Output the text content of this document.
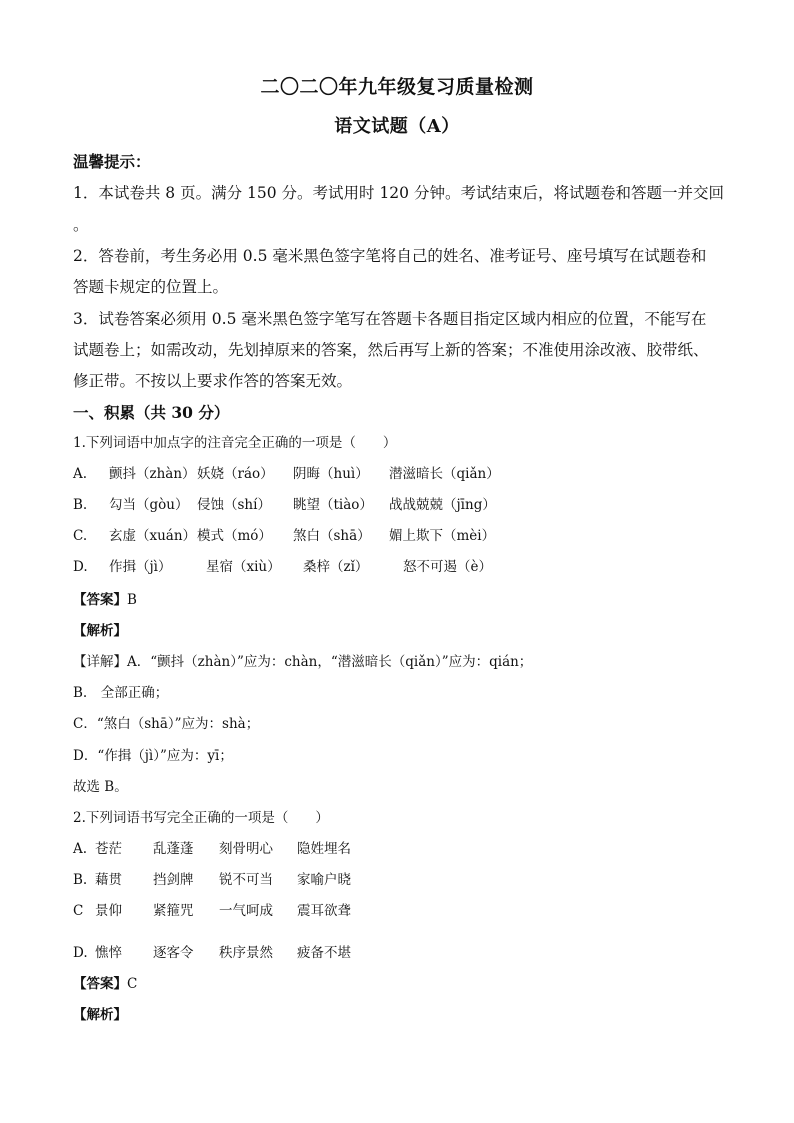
二〇二〇年九年级复习质量检测
语文试题（A）
温馨提示：
1．本试卷共 8 页。满分 150 分。考试用时 120 分钟。考试结束后，将试题卷和答题一并交回
。
2．答卷前，考生务必用 0.5 毫米黑色签字笔将自己的姓名、准考证号、座号填写在试题卷和
答题卡规定的位置上。
3．试卷答案必须用 0.5 毫米黑色签字笔写在答题卡各题目指定区域内相应的位置，不能写在
试题卷上；如需改动，先划掉原来的答案，然后再写上新的答案；不准使用涂改液、胶带纸、
修正带。不按以上要求作答的答案无效。
一、积累（共 30 分）
1.下列词语中加点字的注音完全正确的一项是（　　）
A. 颤抖（zhàn）妖娆（ráo） 阴晦（huì） 潜滋暗长（qiǎn）
B. 勾当（gòu） 侵蚀（shí） 眺望（tiào） 战战兢兢（jīng）
C. 玄虚（xuán）模式（mó） 煞白（shā） 媚上欺下（mèi）
D. 作揖（jì）	星宿（xiù） 桑梓（zǐ）	怒不可遏（è）
【答案】B
【解析】
【详解】A．“颤抖（zhàn）”应为：chàn，“潜滋暗长（qiǎn）”应为：qián；
B.　全部正确；
C．“煞白（shā）”应为：shà；
D．“作揖（jì）”应为：yī；
故选 B。
2.下列词语书写完全正确的一项是（　　）
A. 苍茫 乱蓬蓬 刻骨明心 隐姓埋名
B. 藉贯 挡剑牌 锐不可当 家喻户晓
C 景仰 紧箍咒 一气呵成 震耳欲聋
D. 憔悴 逐客令 秩序景然 疲备不堪
【答案】C
【解析】
